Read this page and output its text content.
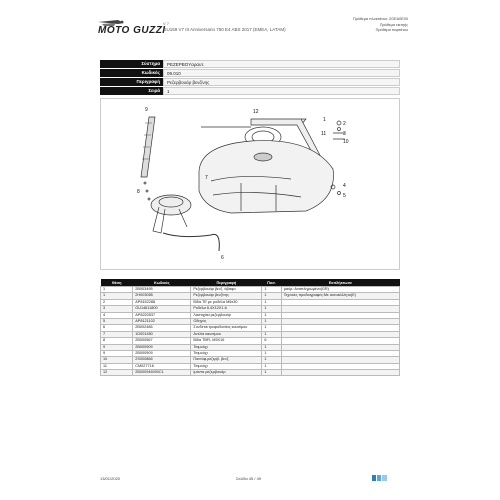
MOTO GUZZI
V 7
GU159 V7 III Anniversario 750 E4 ABS 2017 (EMEA, LATAM)
Πρόθεμα πλοκτάτου: 2GEA0E00
Πρόθεμα εικτηής
Πρόθεμα παρτάτου
Σύστημα	PEZEPBOYαραυτ.
Κωδικός	09.010
Περιγραφή	Ρεζερβουάρ βενζίνης
Σειρά	1
9	12
1
2
3
10
11
7
8
4
5
6
Θέση	Κωδικός	Περιγραφή	Ποσ.	Εκπλήκτωσε
1	2B003495	Ρεζερβουάρ βενζ. άβαφο	1	μαύρ.:Αναπληρωμένο(GR)
1	2H003055	Ρεζερβουάρ βενζίνης	1	Τεχνικές προδιαγραφές:Με αυτοκόλλητο(Ε)
2	AP8152288	Βίδα TE με ροδέλα M6x30	1	
3	GU14611800	Ροδέλα 6.4X12X1.6	1	
4	AP8220537	Λαστιχάκι ρεζερβουάρ	1	
5	AP8121102	Οδηγός	1	
6	2B002486	Συνδετικ τροφοδοσίας καυσίμου	1	
7	1D001450	Αντλία καυσίμου	1	
8	2B000567	Βίδα TBFL M5X16	6	
9	2B000909	Τσιμούχι	1	
9	2B000909	Τσιμούχι	1	
10	2S000866	Παντόφ.ρεζερβ. βενζ.	1	
11	CM027716	Τσιμούχι	1	
12	2B000946000C1	Ιμάντα ρεζερβουάρ	1	
13/01/2020	Σελίδα 45 / 49
